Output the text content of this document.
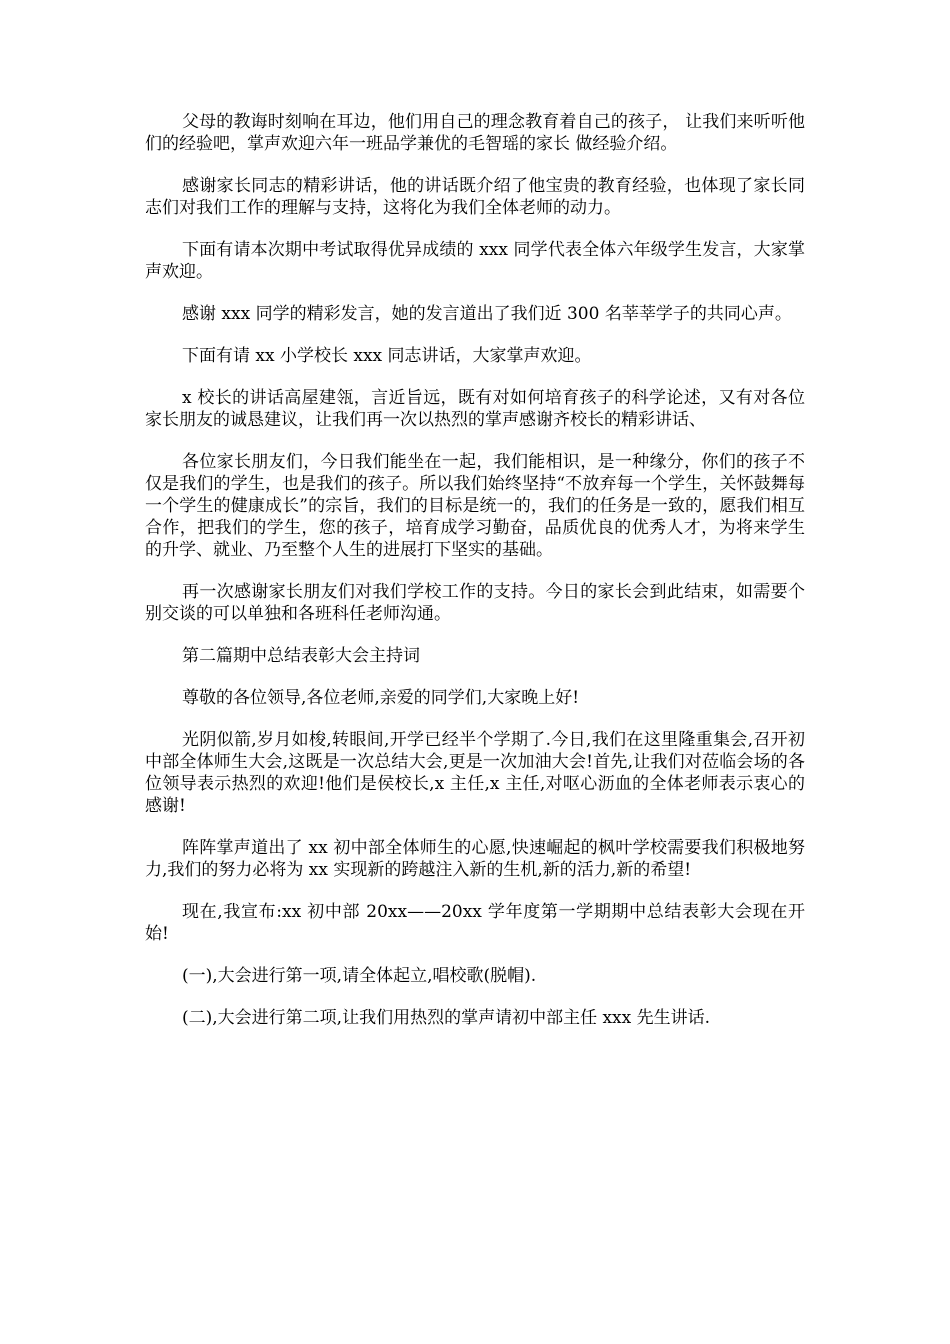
父母的教诲时刻响在耳边，他们用自己的理念教育着自己的孩子， 让我们来听听他们的经验吧，掌声欢迎六年一班品学兼优的毛智瑶的家长 做经验介绍。

感谢家长同志的精彩讲话，他的讲话既介绍了他宝贵的教育经验，也体现了家长同志们对我们工作的理解与支持，这将化为我们全体老师的动力。

下面有请本次期中考试取得优异成绩的 xxx 同学代表全体六年级学生发言，大家掌声欢迎。

感谢 xxx 同学的精彩发言，她的发言道出了我们近 300 名莘莘学子的共同心声。

下面有请 xx 小学校长 xxx 同志讲话，大家掌声欢迎。

x 校长的讲话高屋建瓴，言近旨远，既有对如何培育孩子的科学论述，又有对各位家长朋友的诚恳建议，让我们再一次以热烈的掌声感谢齐校长的精彩讲话、

各位家长朋友们，今日我们能坐在一起，我们能相识，是一种缘分，你们的孩子不仅是我们的学生，也是我们的孩子。所以我们始终坚持“不放弃每一个学生，关怀鼓舞每一个学生的健康成长”的宗旨，我们的目标是统一的，我们的任务是一致的，愿我们相互合作，把我们的学生，您的孩子，培育成学习勤奋，品质优良的优秀人才，为将来学生的升学、就业、乃至整个人生的进展打下坚实的基础。

再一次感谢家长朋友们对我们学校工作的支持。今日的家长会到此结束，如需要个别交谈的可以单独和各班科任老师沟通。

第二篇期中总结表彰大会主持词

尊敬的各位领导,各位老师,亲爱的同学们,大家晚上好!

光阴似箭,岁月如梭,转眼间,开学已经半个学期了.今日,我们在这里隆重集会,召开初中部全体师生大会,这既是一次总结大会,更是一次加油大会!首先,让我们对莅临会场的各位领导表示热烈的欢迎!他们是侯校长,x 主任,x 主任,对呕心沥血的全体老师表示衷心的感谢!

阵阵掌声道出了 xx 初中部全体师生的心愿,快速崛起的枫叶学校需要我们积极地努力,我们的努力必将为 xx 实现新的跨越注入新的生机,新的活力,新的希望!

现在,我宣布:xx 初中部 20xx——20xx 学年度第一学期期中总结表彰大会现在开始!

(一),大会进行第一项,请全体起立,唱校歌(脱帽).

(二),大会进行第二项,让我们用热烈的掌声请初中部主任 xxx 先生讲话.
